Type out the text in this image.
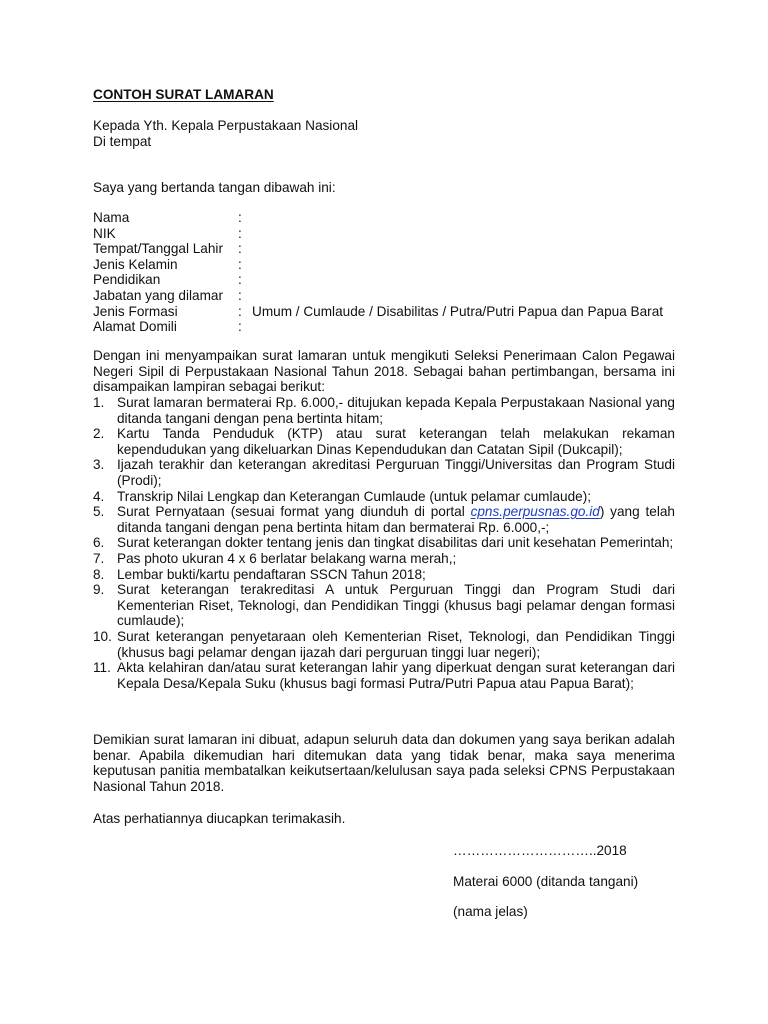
CONTOH SURAT LAMARAN
Kepada Yth. Kepala Perpustakaan Nasional
Di tempat
Saya yang bertanda tangan dibawah ini:
Nama	:
NIK	:
Tempat/Tanggal Lahir	:
Jenis Kelamin	:
Pendidikan	:
Jabatan yang dilamar	:
Jenis Formasi	: Umum / Cumlaude / Disabilitas / Putra/Putri Papua dan Papua Barat
Alamat Domili	:
Dengan ini menyampaikan surat lamaran untuk mengikuti Seleksi Penerimaan Calon Pegawai Negeri Sipil di Perpustakaan Nasional Tahun 2018. Sebagai bahan pertimbangan, bersama ini disampaikan lampiran sebagai berikut:
1. Surat lamaran bermaterai Rp. 6.000,- ditujukan kepada Kepala Perpustakaan Nasional yang ditanda tangani dengan pena bertinta hitam;
2. Kartu Tanda Penduduk (KTP) atau surat keterangan telah melakukan rekaman kependudukan yang dikeluarkan Dinas Kependudukan dan Catatan Sipil (Dukcapil);
3. Ijazah terakhir dan keterangan akreditasi Perguruan Tinggi/Universitas dan Program Studi (Prodi);
4. Transkrip Nilai Lengkap dan Keterangan Cumlaude (untuk pelamar cumlaude);
5. Surat Pernyataan (sesuai format yang diunduh di portal cpns.perpusnas.go.id) yang telah ditanda tangani dengan pena bertinta hitam dan bermaterai Rp. 6.000,-;
6. Surat keterangan dokter tentang jenis dan tingkat disabilitas dari unit kesehatan Pemerintah;
7. Pas photo ukuran 4 x 6 berlatar belakang warna merah,;
8. Lembar bukti/kartu pendaftaran SSCN Tahun 2018;
9. Surat keterangan terakreditasi A untuk Perguruan Tinggi dan Program Studi dari Kementerian Riset, Teknologi, dan Pendidikan Tinggi (khusus bagi pelamar dengan formasi cumlaude);
10. Surat keterangan penyetaraan oleh Kementerian Riset, Teknologi, dan Pendidikan Tinggi (khusus bagi pelamar dengan ijazah dari perguruan tinggi luar negeri);
11. Akta kelahiran dan/atau surat keterangan lahir yang diperkuat dengan surat keterangan dari Kepala Desa/Kepala Suku (khusus bagi formasi Putra/Putri Papua atau Papua Barat);
Demikian surat lamaran ini dibuat, adapun seluruh data dan dokumen yang saya berikan adalah benar. Apabila dikemudian hari ditemukan data yang tidak benar, maka saya menerima keputusan panitia membatalkan keikutsertaan/kelulusan saya pada seleksi CPNS Perpustakaan Nasional Tahun 2018.
Atas perhatiannya diucapkan terimakasih.
…………………………..2018
Materai 6000 (ditanda tangani)
(nama jelas)
